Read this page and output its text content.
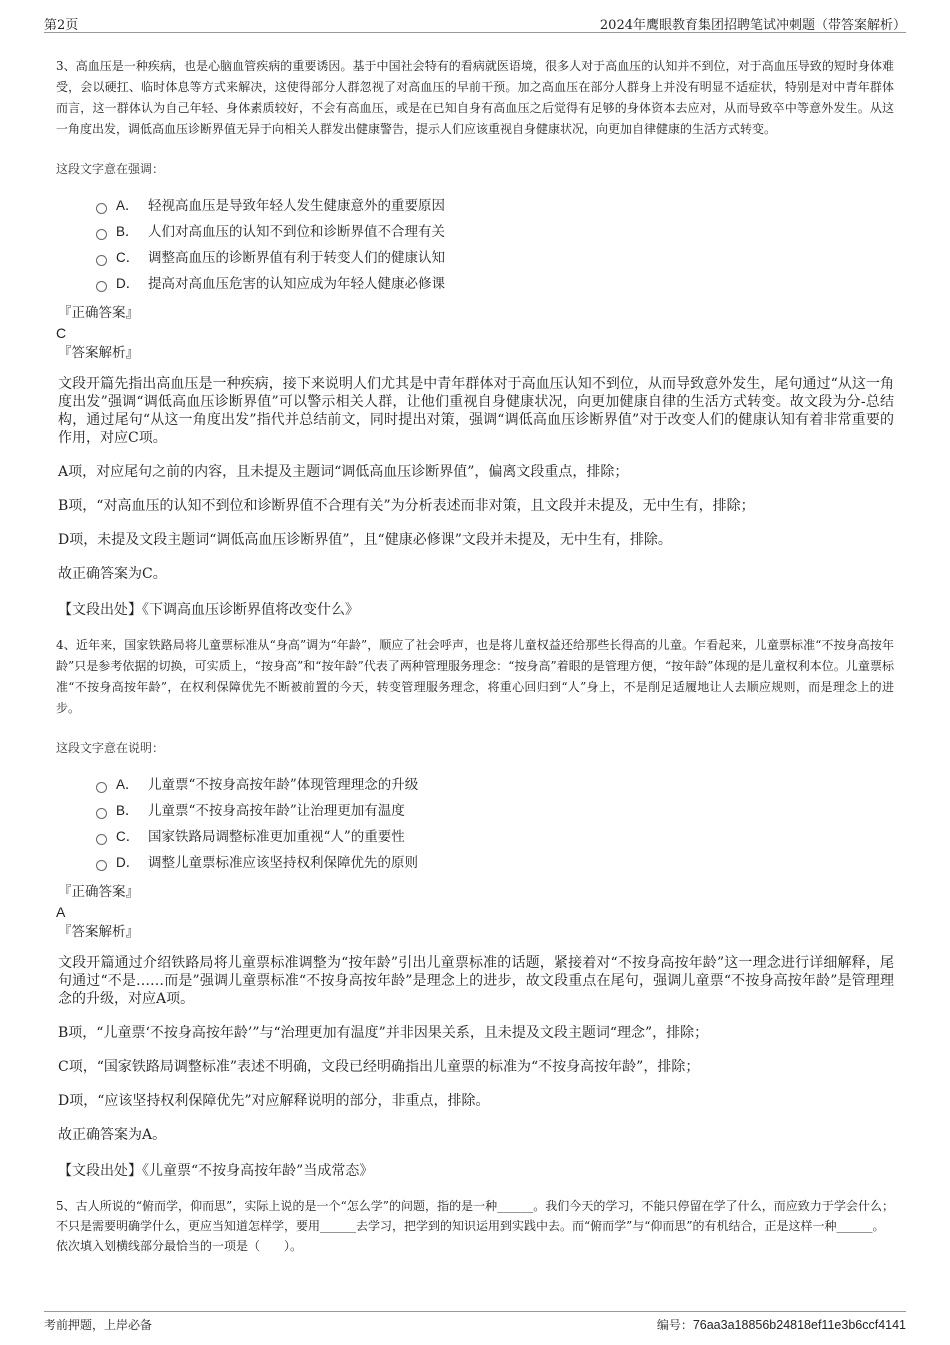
第2页	2024年鹰眼教育集团招聘笔试冲刺题（带答案解析）

3、高血压是一种疾病，也是心脑血管疾病的重要诱因。基于中国社会特有的看病就医语境，很多人对于高血压的认知并不到位，对于高血压导致的短时身体难受，会以硬扛、临时体息等方式来解决，这使得部分人群忽视了对高血压的早前干预。加之高血压在部分人群身上并没有明显不适症状，特别是对中青年群体而言，这一群体认为自己年轻、身体素质较好，不会有高血压，或是在已知自身有高血压之后觉得有足够的身体资本去应对，从而导致卒中等意外发生。从这一角度出发，调低高血压诊断界值无异于向相关人群发出健康警告，提示人们应该重视自身健康状况，向更加自律健康的生活方式转变。

这段文字意在强调：

A． 轻视高血压是导致年轻人发生健康意外的重要原因
B． 人们对高血压的认知不到位和诊断界值不合理有关
C． 调整高血压的诊断界值有利于转变人们的健康认知
D． 提高对高血压危害的认知应成为年轻人健康必修课

『正确答案』

C

『答案解析』

文段开篇先指出高血压是一种疾病，接下来说明人们尤其是中青年群体对于高血压认知不到位，从而导致意外发生，尾句通过“从这一角度出发”强调“调低高血压诊断界值”可以警示相关人群，让他们重视自身健康状况，向更加健康自律的生活方式转变。故文段为分-总结构，通过尾句“从这一角度出发”指代并总结前文，同时提出对策，强调“调低高血压诊断界值”对于改变人们的健康认知有着非常重要的作用，对应C项。

A项，对应尾句之前的内容，且未提及主题词“调低高血压诊断界值”，偏离文段重点，排除；

B项，“对高血压的认知不到位和诊断界值不合理有关”为分析表述而非对策，且文段并未提及，无中生有，排除；

D项，未提及文段主题词“调低高血压诊断界值”，且“健康必修课”文段并未提及，无中生有，排除。

故正确答案为C。

【文段出处】《下调高血压诊断界值将改变什么》

4、近年来，国家铁路局将儿童票标准从“身高”调为“年龄”，顺应了社会呼声，也是将儿童权益还给那些长得高的儿童。乍看起来，儿童票标准“不按身高按年龄”只是参考依据的切换，可实质上，“按身高”和“按年龄”代表了两种管理服务理念：“按身高”着眼的是管理方便，“按年龄”体现的是儿童权利本位。儿童票标准“不按身高按年龄”，在权利保障优先不断被前置的今天，转变管理服务理念，将重心回归到“人”身上，不是削足适履地让人去顺应规则，而是理念上的进步。

这段文字意在说明：

A． 儿童票“不按身高按年龄”体现管理理念的升级
B． 儿童票“不按身高按年龄”让治理更加有温度
C． 国家铁路局调整标准更加重视“人”的重要性
D． 调整儿童票标准应该坚持权利保障优先的原则

『正确答案』

A

『答案解析』

文段开篇通过介绍铁路局将儿童票标准调整为“按年龄”引出儿童票标准的话题，紧接着对“不按身高按年龄”这一理念进行详细解释，尾句通过“不是……而是”强调儿童票标准“不按身高按年龄”是理念上的进步，故文段重点在尾句，强调儿童票“不按身高按年龄”是管理理念的升级，对应A项。

B项，“儿童票‘不按身高按年龄’”与“治理更加有温度”并非因果关系，且未提及文段主题词“理念”，排除；

C项，“国家铁路局调整标准”表述不明确，文段已经明确指出儿童票的标准为“不按身高按年龄”，排除；

D项，“应该坚持权利保障优先”对应解释说明的部分，非重点，排除。

故正确答案为A。

【文段出处】《儿童票“不按身高按年龄”当成常态》

5、古人所说的“俯而学，仰而思”，实际上说的是一个“怎么学”的问题，指的是一种______。我们今天的学习，不能只停留在学了什么，而应致力于学会什么；不只是需要明确学什么，更应当知道怎样学，要用______去学习，把学到的知识运用到实践中去。而“俯而学”与“仰而思”的有机结合，正是这样一种______。

依次填入划横线部分最恰当的一项是（　　）。

考前押题，上岸必备	编号：76aa3a18856b24818ef11e3b6ccf4141
